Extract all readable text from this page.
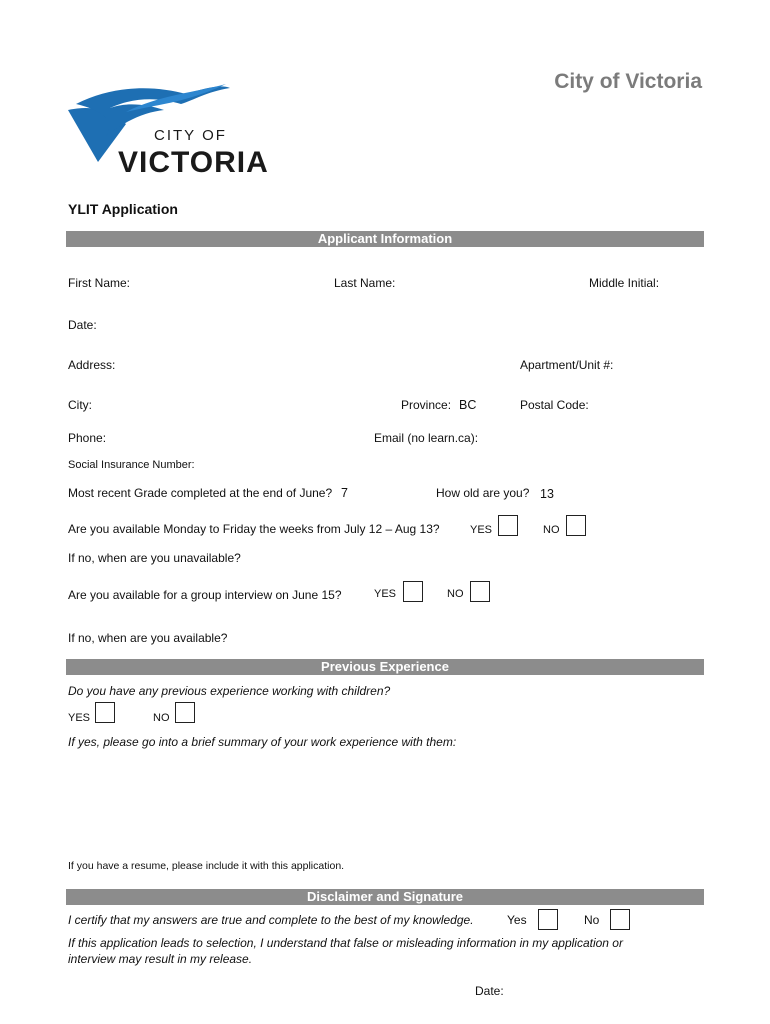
City of Victoria
CITY OF
VICTORIA
YLIT Application
Applicant Information
First Name:	Last Name:	Middle Initial:
Date:
Address:	Apartment/Unit #:
City:	Province: BC	Postal Code:
Phone:	Email (no learn.ca):
Social Insurance Number:
Most recent Grade completed at the end of June? 7	How old are you? 13
Are you available Monday to Friday the weeks from July 12 – Aug 13?	YES	NO
If no, when are you unavailable?
Are you available for a group interview on June 15?	YES	NO
If no, when are you available?
Previous Experience
Do you have any previous experience working with children?
YES	NO
If yes, please go into a brief summary of your work experience with them:
If you have a resume, please include it with this application.
Disclaimer and Signature
I certify that my answers are true and complete to the best of my knowledge.	Yes	No
If this application leads to selection, I understand that false or misleading information in my application or
interview may result in my release.
Date:
